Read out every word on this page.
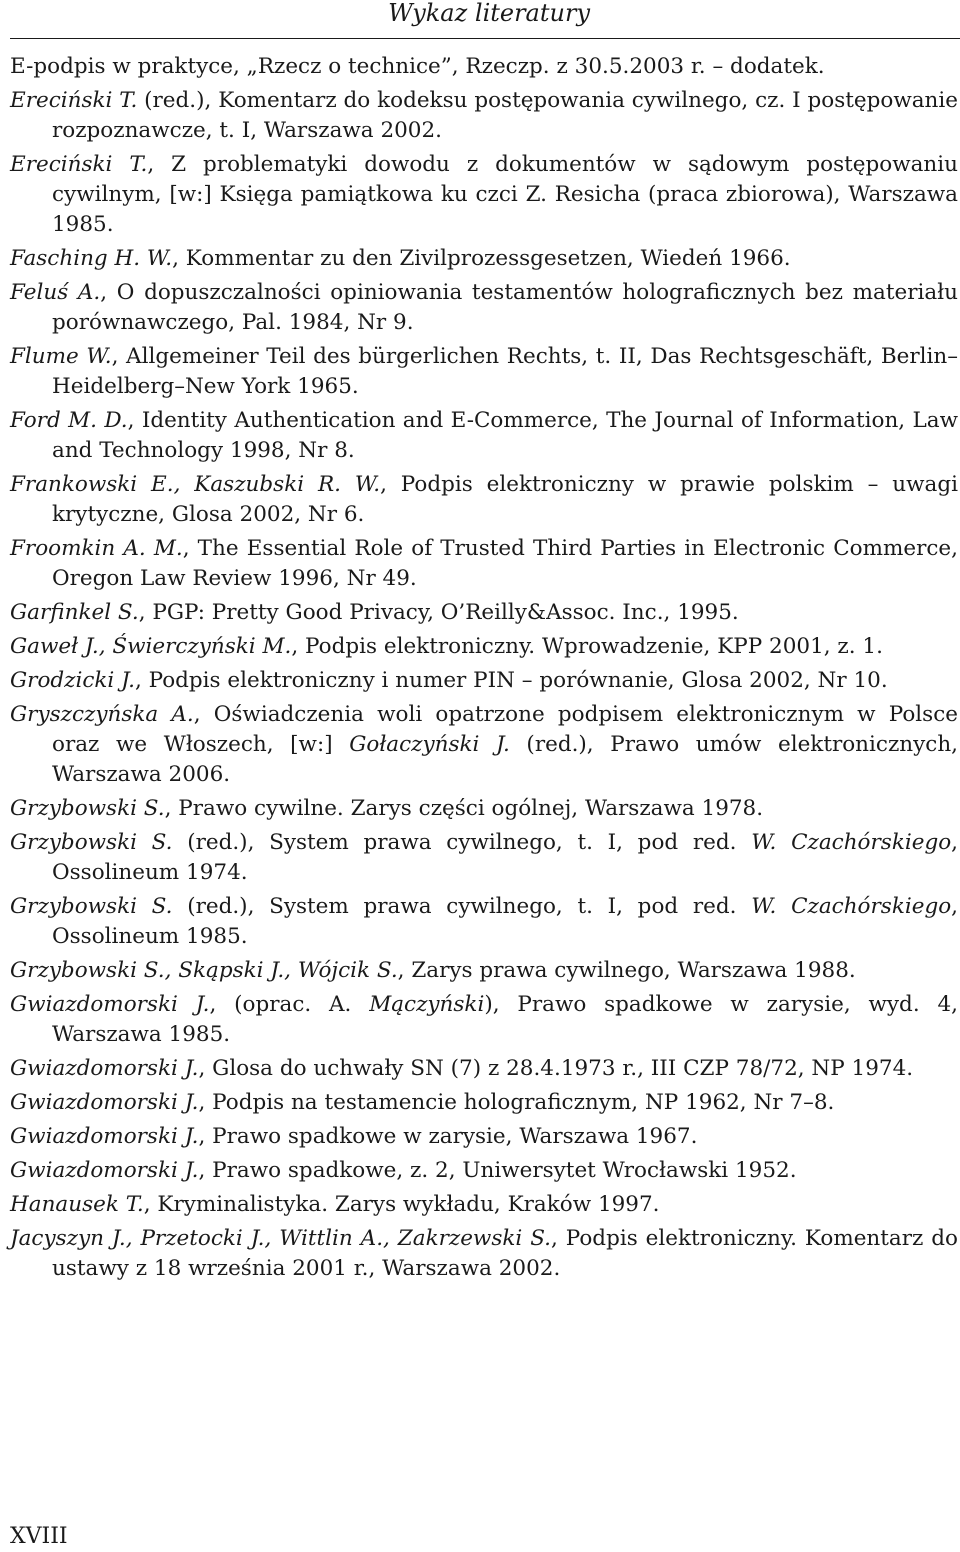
Wykaz literatury
E-podpis w praktyce, „Rzecz o technice”, Rzeczp. z 30.5.2003 r. – dodatek.
Ereciński T. (red.), Komentarz do kodeksu postępowania cywilnego, cz. I postępowanie rozpoznawcze, t. I, Warszawa 2002.
Ereciński T., Z problematyki dowodu z dokumentów w sądowym postępowaniu cywilnym, [w:] Księga pamiątkowa ku czci Z. Resicha (praca zbiorowa), Warszawa 1985.
Fasching H. W., Kommentar zu den Zivilprozessgesetzen, Wiedeń 1966.
Feluś A., O dopuszczalności opiniowania testamentów holograficznych bez materiału porównawczego, Pal. 1984, Nr 9.
Flume W., Allgemeiner Teil des bürgerlichen Rechts, t. II, Das Rechtsgeschäft, Berlin–Heidelberg–New York 1965.
Ford M. D., Identity Authentication and E-Commerce, The Journal of Information, Law and Technology 1998, Nr 8.
Frankowski E., Kaszubski R. W., Podpis elektroniczny w prawie polskim – uwagi krytyczne, Glosa 2002, Nr 6.
Froomkin A. M., The Essential Role of Trusted Third Parties in Electronic Commerce, Oregon Law Review 1996, Nr 49.
Garfinkel S., PGP: Pretty Good Privacy, O’Reilly&Assoc. Inc., 1995.
Gaweł J., Świerczyński M., Podpis elektroniczny. Wprowadzenie, KPP 2001, z. 1.
Grodzicki J., Podpis elektroniczny i numer PIN – porównanie, Glosa 2002, Nr 10.
Gryszczyńska A., Oświadczenia woli opatrzone podpisem elektronicznym w Polsce oraz we Włoszech, [w:] Gołaczyński J. (red.), Prawo umów elektronicznych, Warszawa 2006.
Grzybowski S., Prawo cywilne. Zarys części ogólnej, Warszawa 1978.
Grzybowski S. (red.), System prawa cywilnego, t. I, pod red. W. Czachórskiego, Ossolineum 1974.
Grzybowski S. (red.), System prawa cywilnego, t. I, pod red. W. Czachórskiego, Ossolineum 1985.
Grzybowski S., Skąpski J., Wójcik S., Zarys prawa cywilnego, Warszawa 1988.
Gwiazdomorski J., (oprac. A. Mączyński), Prawo spadkowe w zarysie, wyd. 4, Warszawa 1985.
Gwiazdomorski J., Glosa do uchwały SN (7) z 28.4.1973 r., III CZP 78/72, NP 1974.
Gwiazdomorski J., Podpis na testamencie holograficznym, NP 1962, Nr 7–8.
Gwiazdomorski J., Prawo spadkowe w zarysie, Warszawa 1967.
Gwiazdomorski J., Prawo spadkowe, z. 2, Uniwersytet Wrocławski 1952.
Hanausek T., Kryminalistyka. Zarys wykładu, Kraków 1997.
Jacyszyn J., Przetocki J., Wittlin A., Zakrzewski S., Podpis elektroniczny. Komentarz do ustawy z 18 września 2001 r., Warszawa 2002.
XVIII
